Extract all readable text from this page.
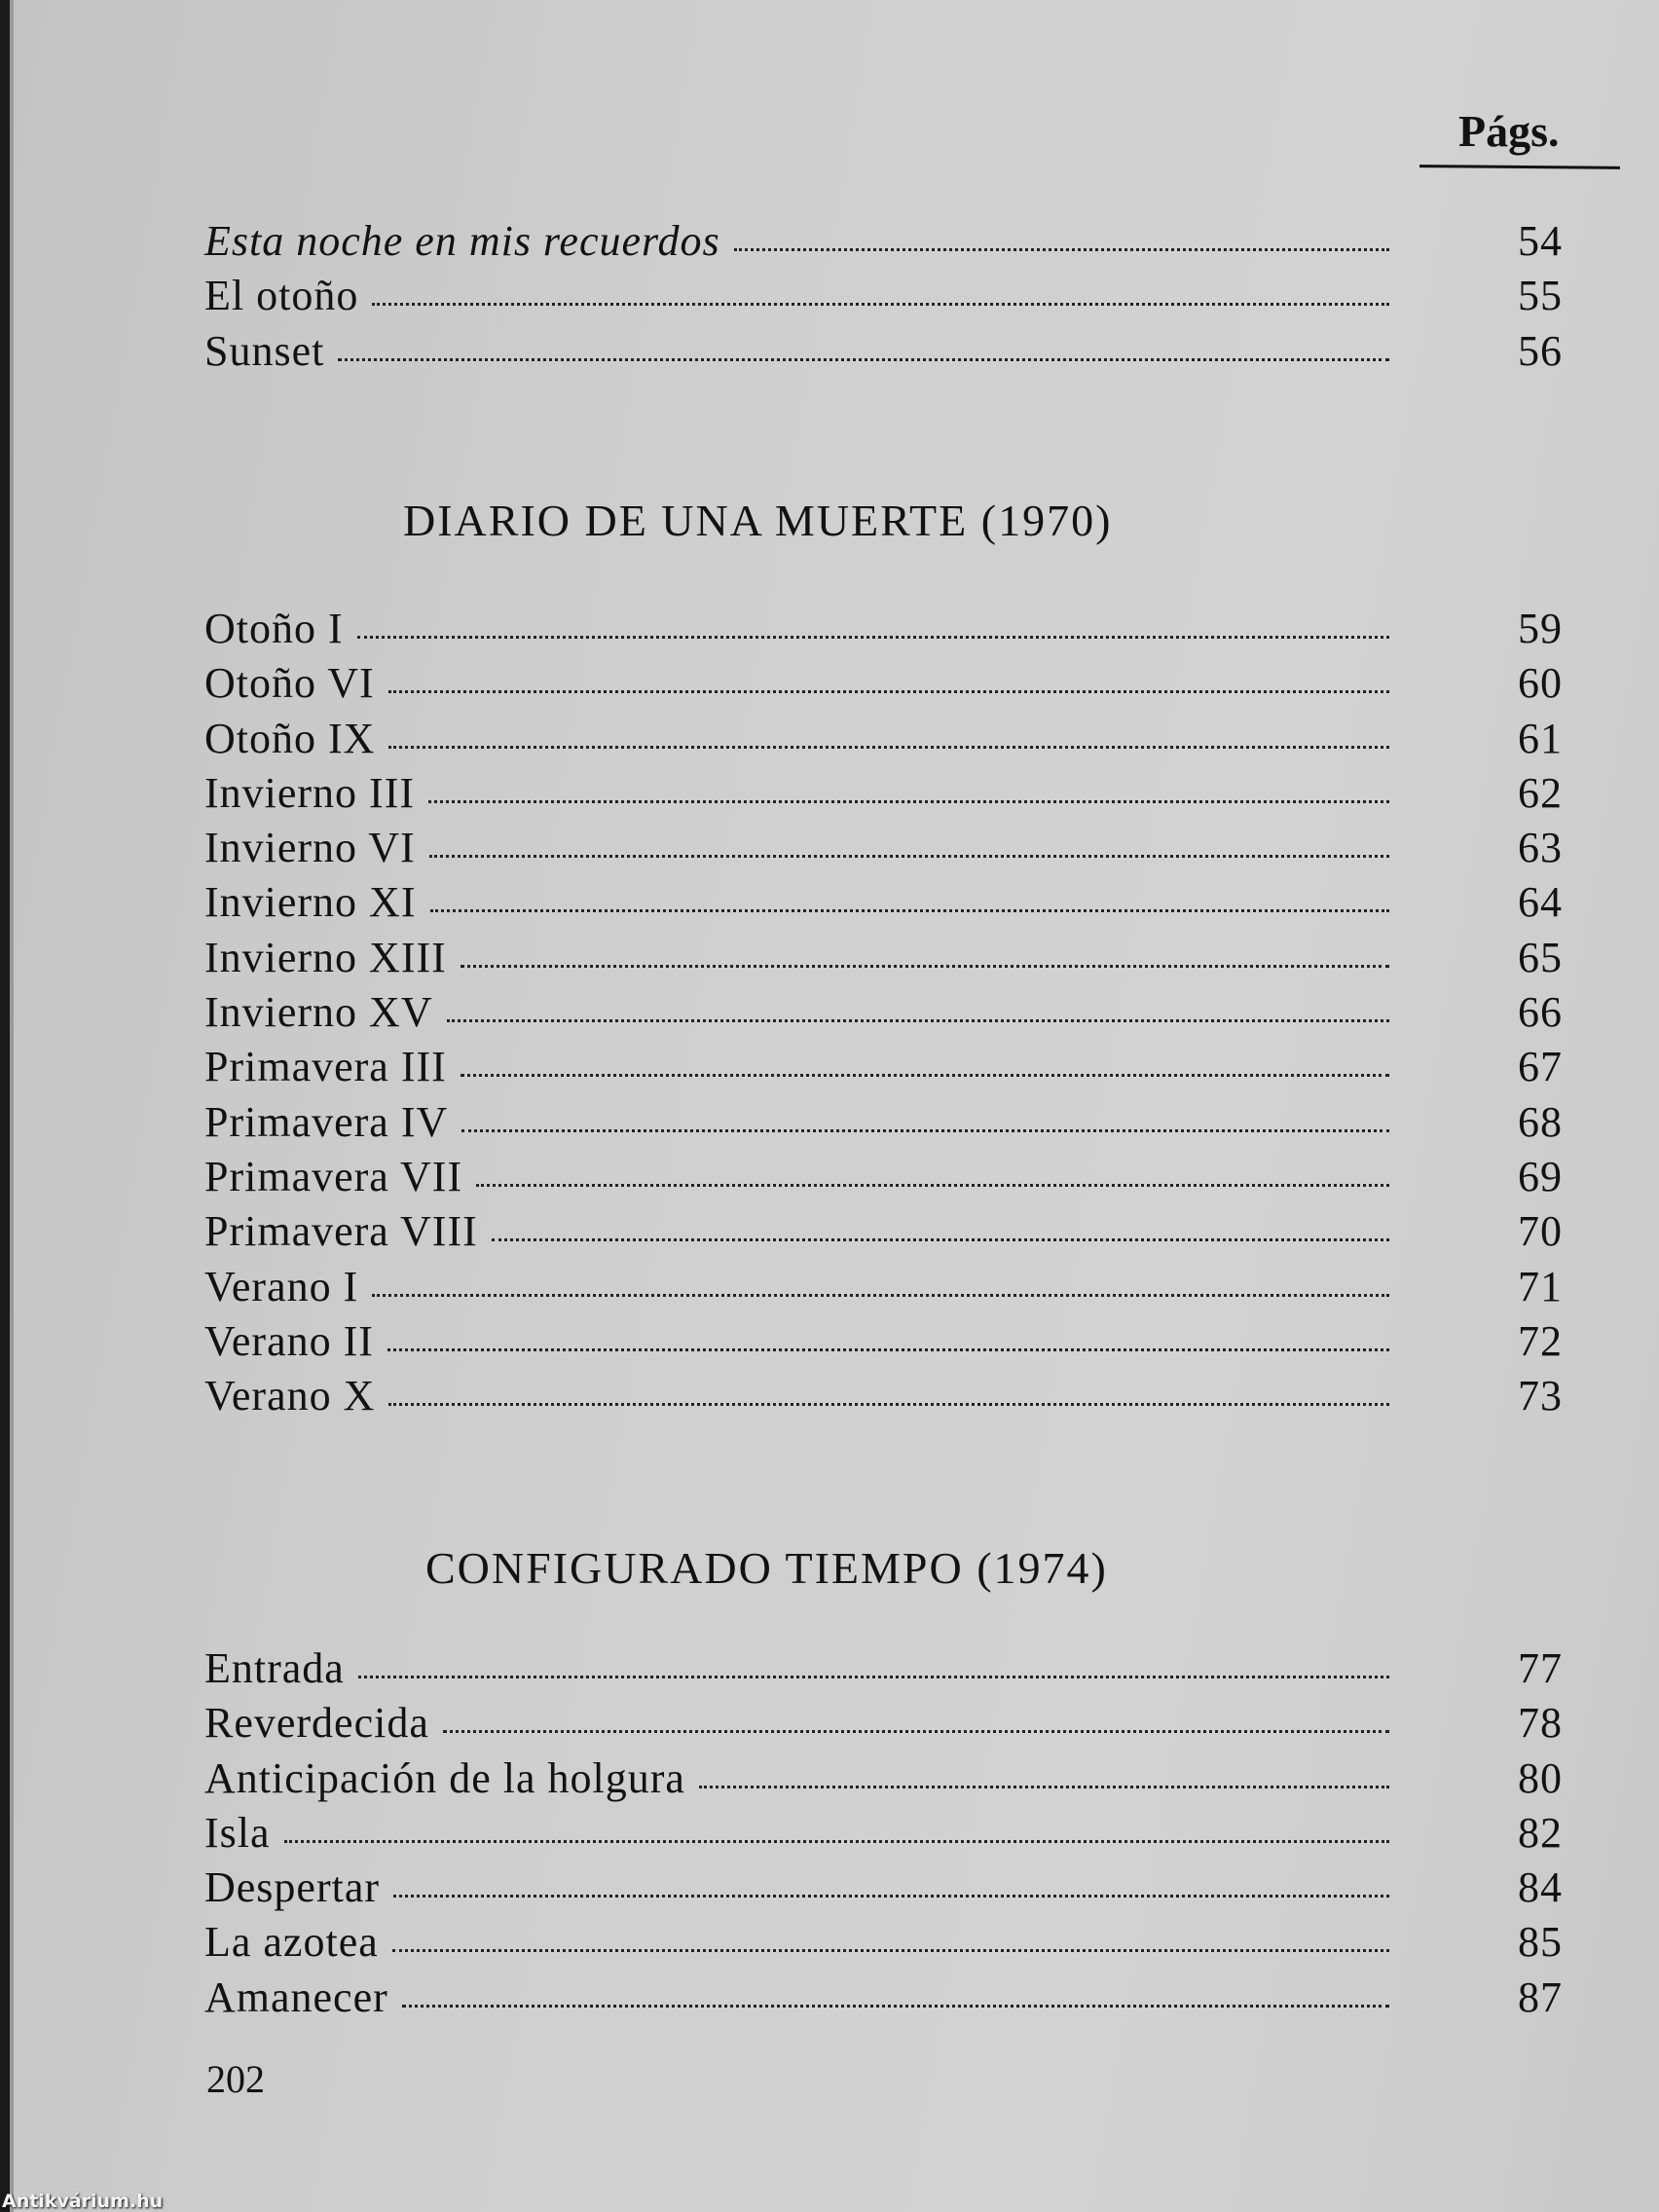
Págs.
Esta noche en mis recuerdos	54
El otoño	55
Sunset	56
DIARIO DE UNA MUERTE (1970)
Otoño I	59
Otoño VI	60
Otoño IX	61
Invierno III	62
Invierno VI	63
Invierno XI	64
Invierno XIII	65
Invierno XV	66
Primavera III	67
Primavera IV	68
Primavera VII	69
Primavera VIII	70
Verano I	71
Verano II	72
Verano X	73
CONFIGURADO TIEMPO (1974)
Entrada	77
Reverdecida	78
Anticipación de la holgura	80
Isla	82
Despertar	84
La azotea	85
Amanecer	87
202
Antikvárium.hu
